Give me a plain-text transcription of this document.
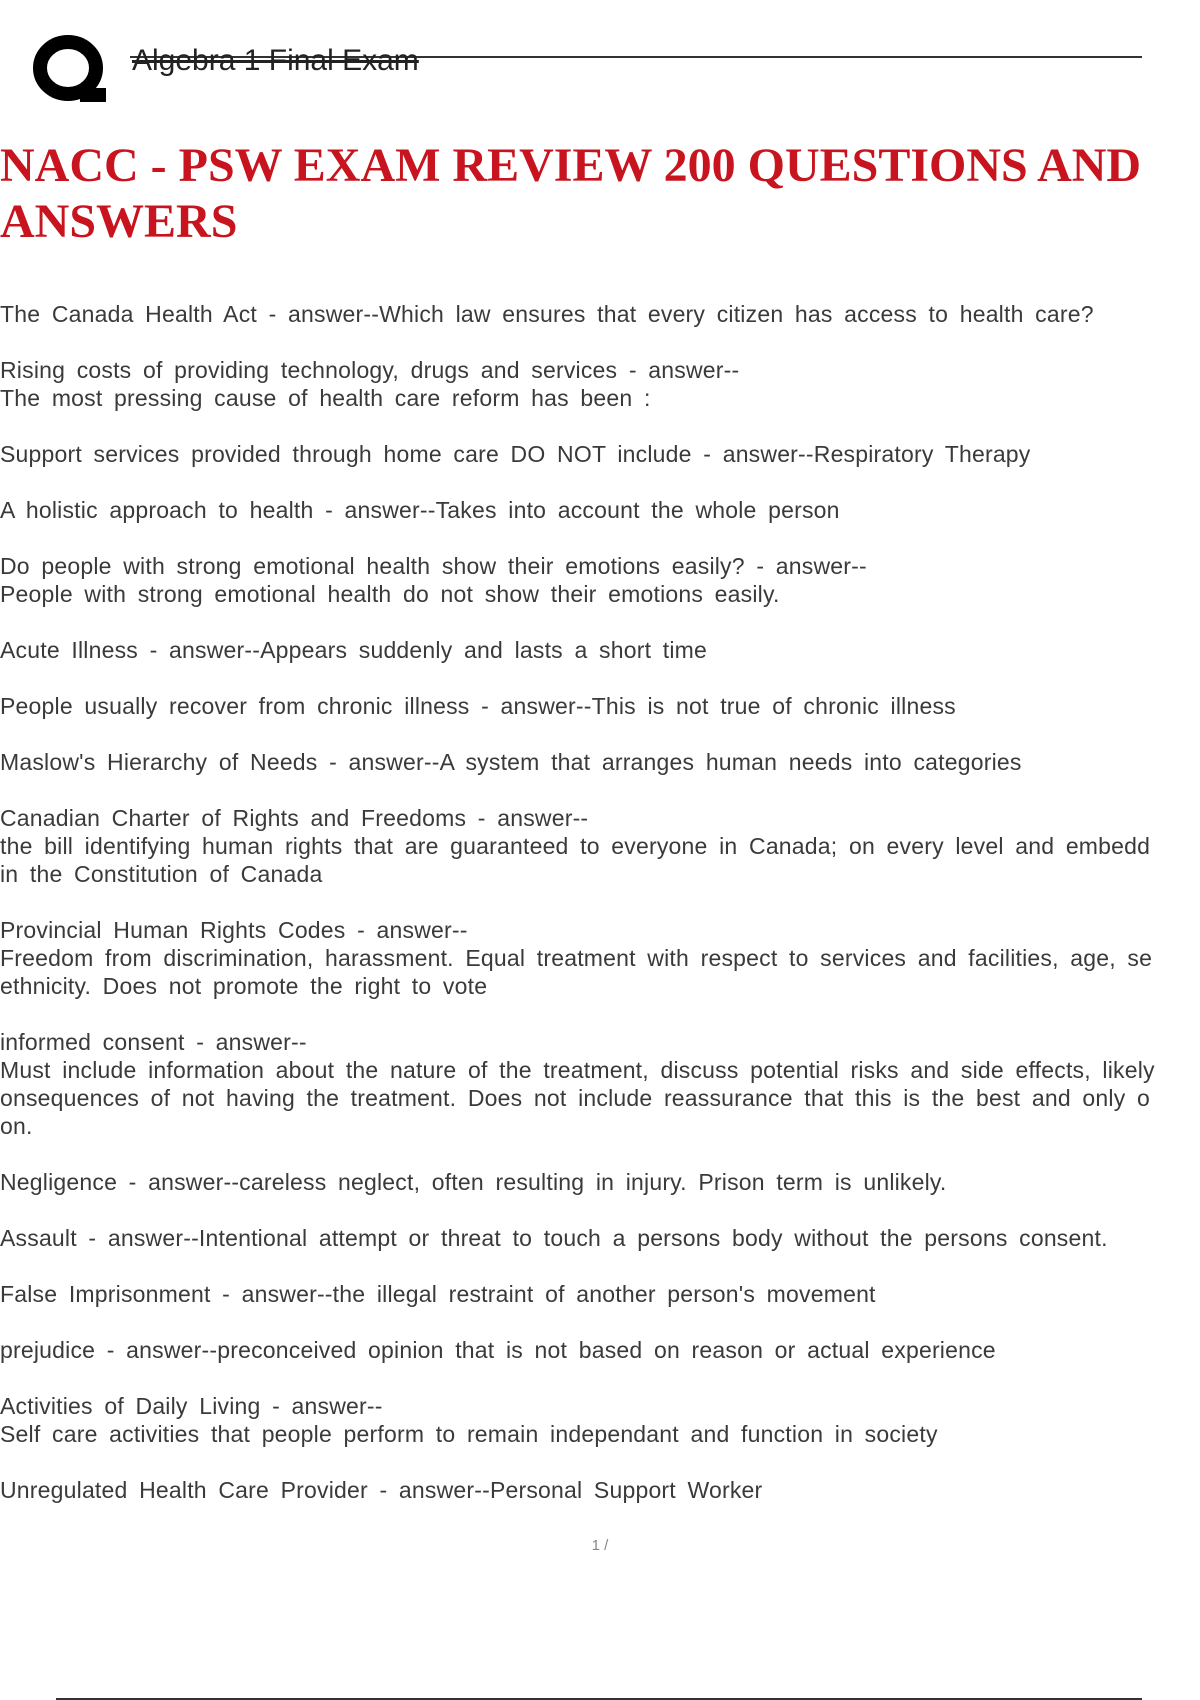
Algebra 1 Final Exam
NACC - PSW EXAM REVIEW 200 QUESTIONS AND ANSWERS
The Canada Health Act - answer--Which law ensures that every citizen has access to health care?
Rising costs of providing technology, drugs and services - answer--
The most pressing cause of health care reform has been :
Support services provided through home care DO NOT include - answer--Respiratory Therapy
A holistic approach to health - answer--Takes into account the whole person
Do people with strong emotional health show their emotions easily? - answer--
People with strong emotional health do not show their emotions easily.
Acute Illness - answer--Appears suddenly and lasts a short time
People usually recover from chronic illness - answer--This is not true of chronic illness
Maslow's Hierarchy of Needs - answer--A system that arranges human needs into categories
Canadian Charter of Rights and Freedoms - answer--
the bill identifying human rights that are guaranteed to everyone in Canada; on every level and embedd
in the Constitution of Canada
Provincial Human Rights Codes - answer--
Freedom from discrimination, harassment. Equal treatment with respect to services and facilities, age, se
ethnicity. Does not promote the right to vote
informed consent - answer--
Must include information about the nature of the treatment, discuss potential risks and side effects, likely
onsequences of not having the treatment. Does not include reassurance that this is the best and only o
on.
Negligence - answer--careless neglect, often resulting in injury. Prison term is unlikely.
Assault - answer--Intentional attempt or threat to touch a persons body without the persons consent.
False Imprisonment - answer--the illegal restraint of another person's movement
prejudice - answer--preconceived opinion that is not based on reason or actual experience
Activities of Daily Living - answer--
Self care activities that people perform to remain independant and function in society
Unregulated Health Care Provider - answer--Personal Support Worker
1 /
